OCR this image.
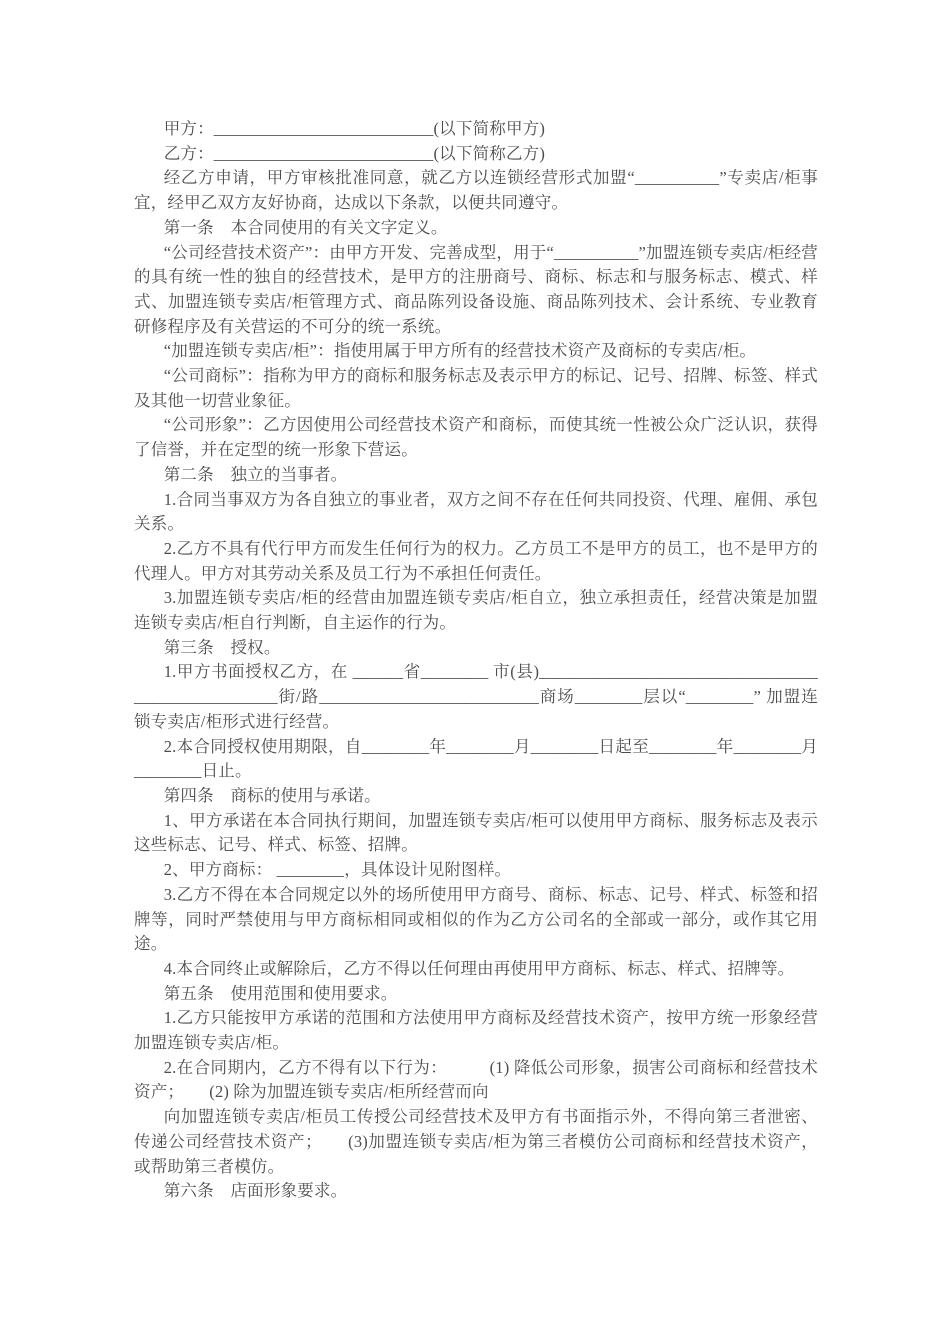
甲方：__________________________(以下简称甲方)

乙方：__________________________(以下简称乙方)

经乙方申请，甲方审核批准同意，就乙方以连锁经营形式加盟“__________”专卖店/柜事宜，经甲乙双方友好协商，达成以下条款，以便共同遵守。

第一条　本合同使用的有关文字定义。

“公司经营技术资产”：由甲方开发、完善成型，用于“__________”加盟连锁专卖店/柜经营的具有统一性的独自的经营技术，是甲方的注册商号、商标、标志和与服务标志、模式、样式、加盟连锁专卖店/柜管理方式、商品陈列设备设施、商品陈列技术、会计系统、专业教育研修程序及有关营运的不可分的统一系统。

“加盟连锁专卖店/柜”：指使用属于甲方所有的经营技术资产及商标的专卖店/柜。

“公司商标”：指称为甲方的商标和服务标志及表示甲方的标记、记号、招牌、标签、样式及其他一切营业象征。

“公司形象”：乙方因使用公司经营技术资产和商标，而使其统一性被公众广泛认识，获得了信誉，并在定型的统一形象下营运。

第二条　独立的当事者。

1.合同当事双方为各自独立的事业者，双方之间不存在任何共同投资、代理、雇佣、承包关系。

2.乙方不具有代行甲方而发生任何行为的权力。乙方员工不是甲方的员工，也不是甲方的代理人。甲方对其劳动关系及员工行为不承担任何责任。

3.加盟连锁专卖店/柜的经营由加盟连锁专卖店/柜自立，独立承担责任，经营决策是加盟连锁专卖店/柜自行判断，自主运作的行为。

第三条　授权。

1.甲方书面授权乙方，在 ______省________ 市(县)__________________________________________________街/路__________________________商场________层以“________” 加盟连锁专卖店/柜形式进行经营。

2.本合同授权使用期限，自________年________月________日起至________年________月________日止。

第四条　商标的使用与承诺。

1、甲方承诺在本合同执行期间，加盟连锁专卖店/柜可以使用甲方商标、服务标志及表示这些标志、记号、样式、标签、招牌。

2、甲方商标： ________，具体设计见附图样。

3.乙方不得在本合同规定以外的场所使用甲方商号、商标、标志、记号、样式、标签和招牌等，同时严禁使用与甲方商标相同或相似的作为乙方公司名的全部或一部分，或作其它用途。

4.本合同终止或解除后，乙方不得以任何理由再使用甲方商标、标志、样式、招牌等。

第五条　使用范围和使用要求。

1.乙方只能按甲方承诺的范围和方法使用甲方商标及经营技术资产，按甲方统一形象经营加盟连锁专卖店/柜。

2.在合同期内，乙方不得有以下行为：　　　(1) 降低公司形象，损害公司商标和经营技术资产；　　(2) 除为加盟连锁专卖店/柜所经营而向

向加盟连锁专卖店/柜员工传授公司经营技术及甲方有书面指示外，不得向第三者泄密、传递公司经营技术资产；　　(3)加盟连锁专卖店/柜为第三者模仿公司商标和经营技术资产，或帮助第三者模仿。

第六条　店面形象要求。
